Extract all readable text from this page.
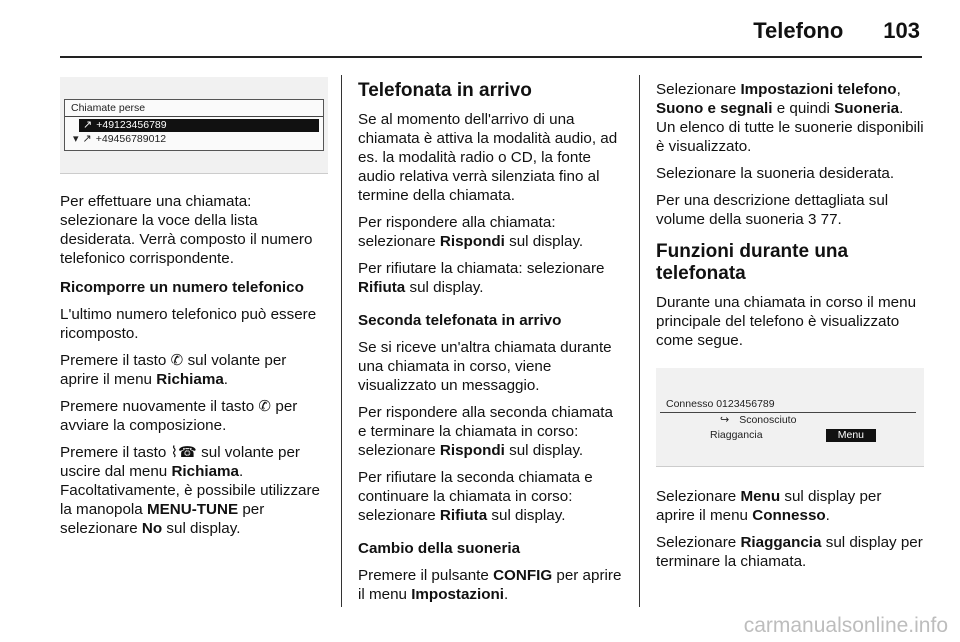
Telefono 103
Chiamate perse
↗ +49123456789
▾ ↗ +49456789012

Per effettuare una chiamata: selezionare la voce della lista desiderata. Verrà composto il numero telefonico corrispondente.

Ricomporre un numero telefonico

L'ultimo numero telefonico può essere ricomposto.

Premere il tasto ✆ sul volante per aprire il menu Richiama.

Premere nuovamente il tasto ✆ per avviare la composizione.

Premere il tasto ⌇☎ sul volante per uscire dal menu Richiama. Facoltativamente, è possibile utilizzare la manopola MENU-TUNE per selezionare No sul display.

Telefonata in arrivo

Se al momento dell'arrivo di una chiamata è attiva la modalità audio, ad es. la modalità radio o CD, la fonte audio relativa verrà silenziata fino al termine della chiamata.

Per rispondere alla chiamata: selezionare Rispondi sul display.

Per rifiutare la chiamata: selezionare Rifiuta sul display.

Seconda telefonata in arrivo

Se si riceve un'altra chiamata durante una chiamata in corso, viene visualizzato un messaggio.

Per rispondere alla seconda chiamata e terminare la chiamata in corso: selezionare Rispondi sul display.

Per rifiutare la seconda chiamata e continuare la chiamata in corso: selezionare Rifiuta sul display.

Cambio della suoneria

Premere il pulsante CONFIG per aprire il menu Impostazioni.

Selezionare Impostazioni telefono, Suono e segnali e quindi Suoneria. Un elenco di tutte le suonerie disponibili è visualizzato.

Selezionare la suoneria desiderata.

Per una descrizione dettagliata sul volume della suoneria 3 77.

Funzioni durante una telefonata

Durante una chiamata in corso il menu principale del telefono è visualizzato come segue.

Connesso 0123456789
↪ Sconosciuto
Riaggancia	Menu

Selezionare Menu sul display per aprire il menu Connesso.

Selezionare Riaggancia sul display per terminare la chiamata.

carmanualsonline.info
